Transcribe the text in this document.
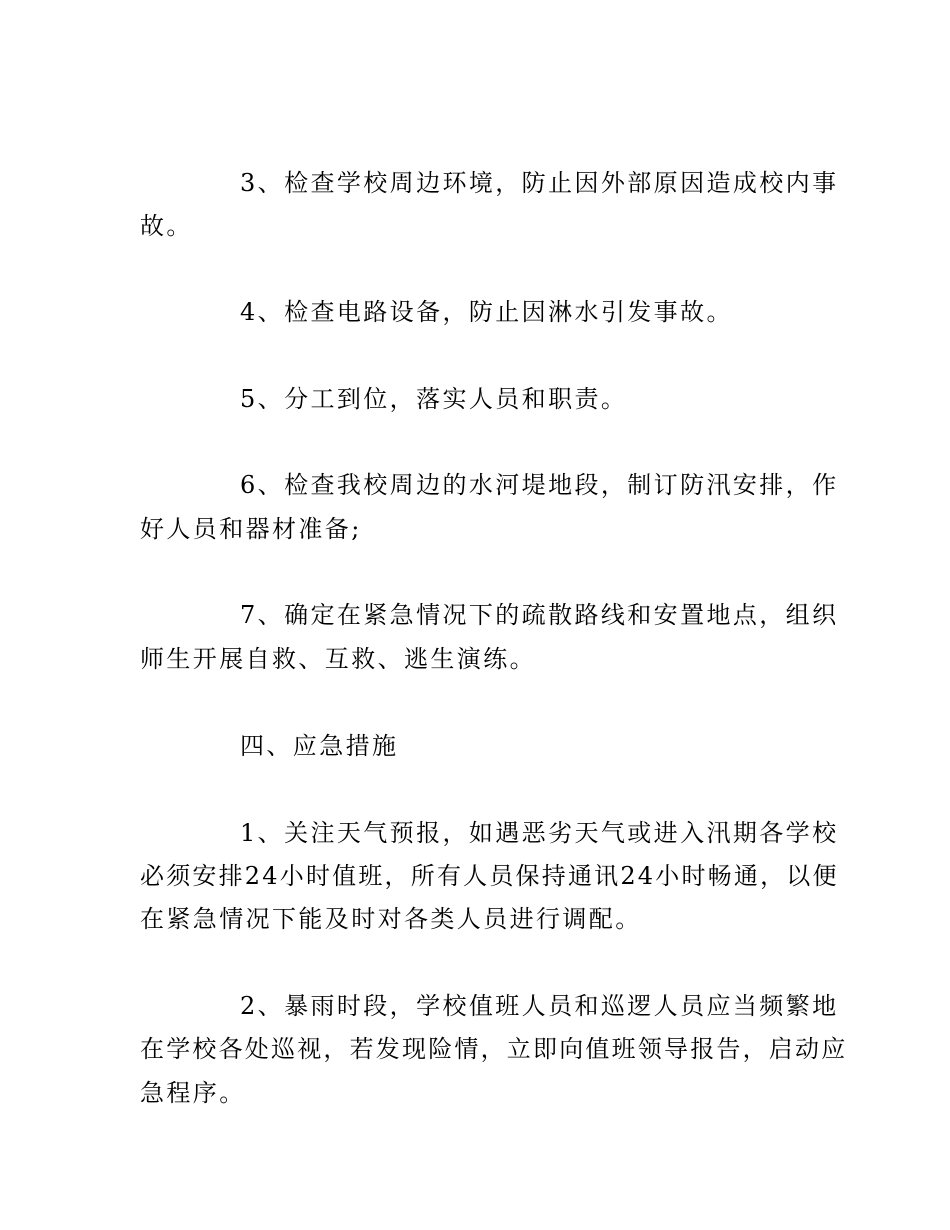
3、检查学校周边环境，防止因外部原因造成校内事

故。

4、检查电路设备，防止因淋水引发事故。

5、分工到位，落实人员和职责。

6、检查我校周边的水河堤地段，制订防汛安排，作

好人员和器材准备;

7、确定在紧急情况下的疏散路线和安置地点，组织

师生开展自救、互救、逃生演练。

四、应急措施

1、关注天气预报，如遇恶劣天气或进入汛期各学校

必须安排24小时值班，所有人员保持通讯24小时畅通，以便

在紧急情况下能及时对各类人员进行调配。

2、暴雨时段，学校值班人员和巡逻人员应当频繁地

在学校各处巡视，若发现险情，立即向值班领导报告，启动应

急程序。
